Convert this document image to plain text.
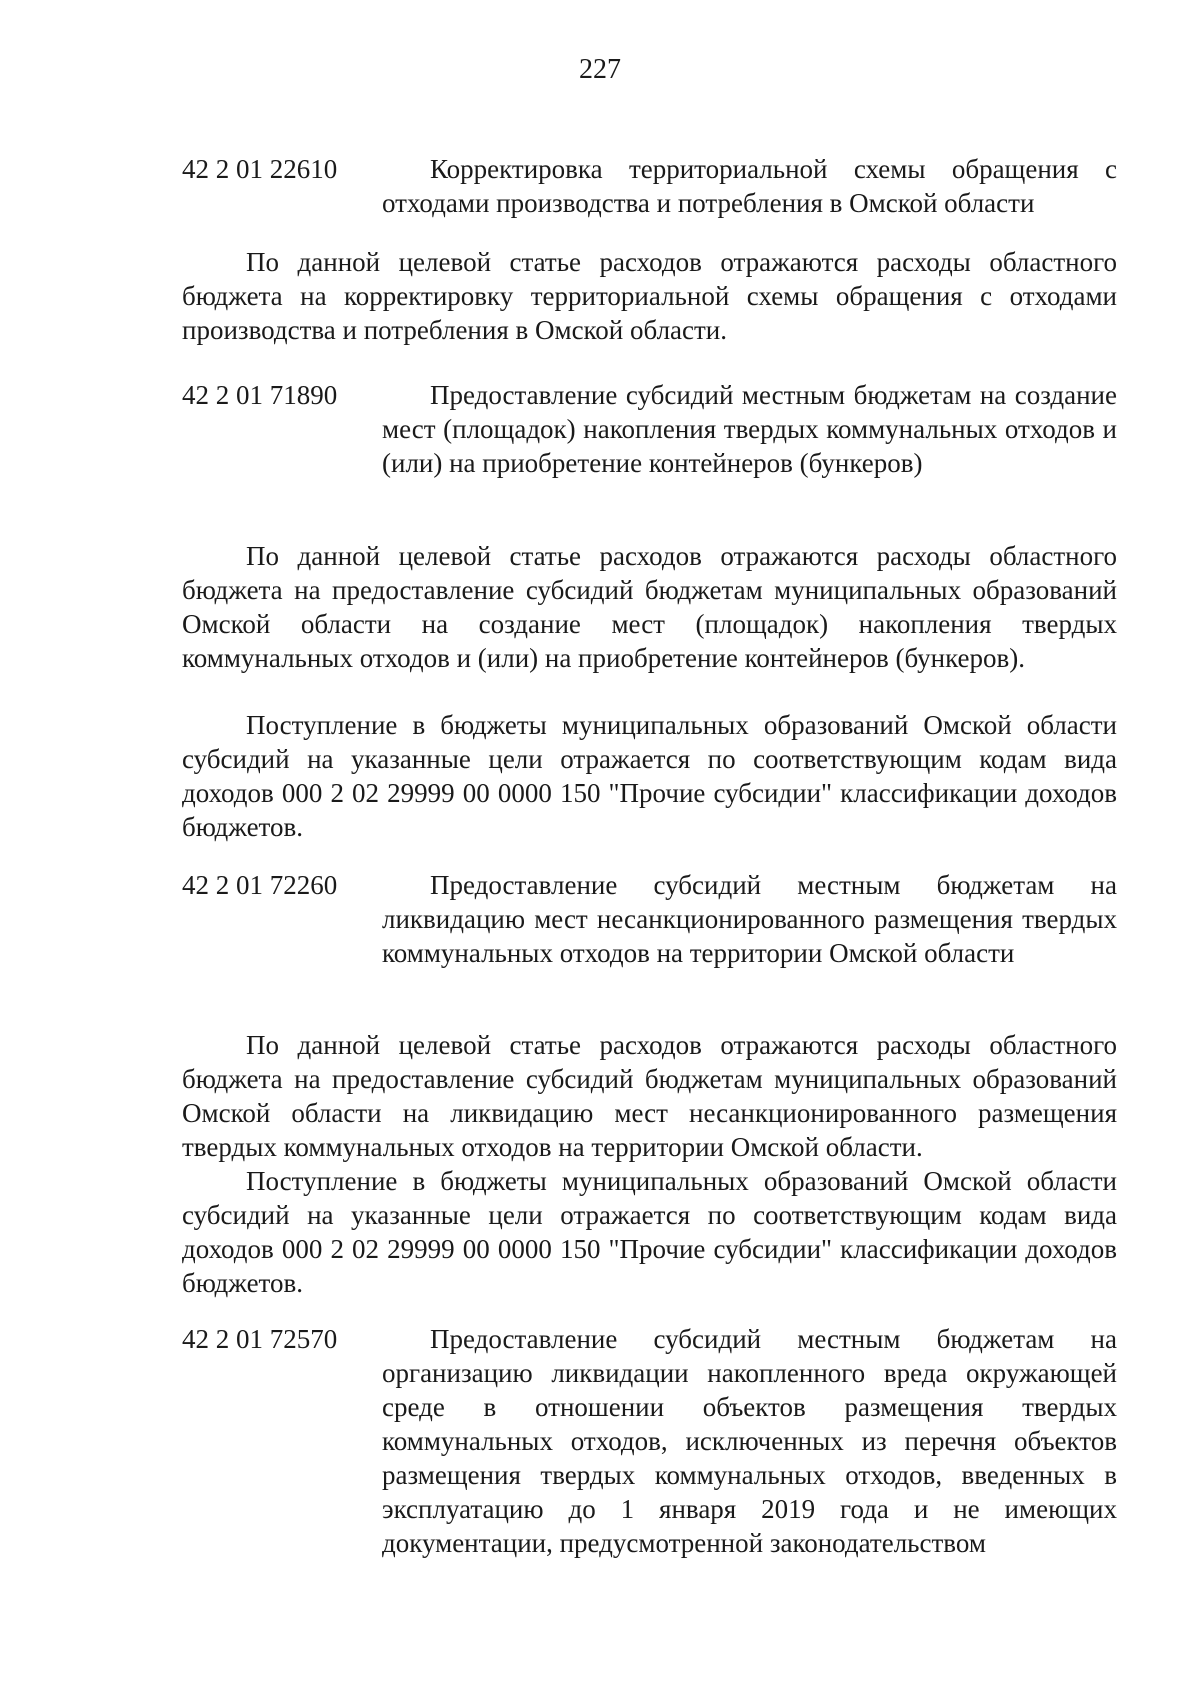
227
42 2 01 22610	Корректировка территориальной схемы обращения с отходами производства и потребления в Омской области

По данной целевой статье расходов отражаются расходы областного бюджета на корректировку территориальной схемы обращения с отходами производства и потребления в Омской области.

42 2 01 71890	Предоставление субсидий местным бюджетам на создание мест (площадок) накопления твердых коммунальных отходов и (или) на приобретение контейнеров (бункеров)

По данной целевой статье расходов отражаются расходы областного бюджета на предоставление субсидий бюджетам муниципальных образований Омской области на создание мест (площадок) накопления твердых коммунальных отходов и (или) на приобретение контейнеров (бункеров).

Поступление в бюджеты муниципальных образований Омской области субсидий на указанные цели отражается по соответствующим кодам вида доходов 000 2 02 29999 00 0000 150 "Прочие субсидии" классификации доходов бюджетов.

42 2 01 72260	Предоставление субсидий местным бюджетам на ликвидацию мест несанкционированного размещения твердых коммунальных отходов на территории Омской области

По данной целевой статье расходов отражаются расходы областного бюджета на предоставление субсидий бюджетам муниципальных образований Омской области на ликвидацию мест несанкционированного размещения твердых коммунальных отходов на территории Омской области.

Поступление в бюджеты муниципальных образований Омской области субсидий на указанные цели отражается по соответствующим кодам вида доходов 000 2 02 29999 00 0000 150 "Прочие субсидии" классификации доходов бюджетов.

42 2 01 72570	Предоставление субсидий местным бюджетам на организацию ликвидации накопленного вреда окружающей среде в отношении объектов размещения твердых коммунальных отходов, исключенных из перечня объектов размещения твердых коммунальных отходов, введенных в эксплуатацию до 1 января 2019 года и не имеющих документации, предусмотренной законодательством
